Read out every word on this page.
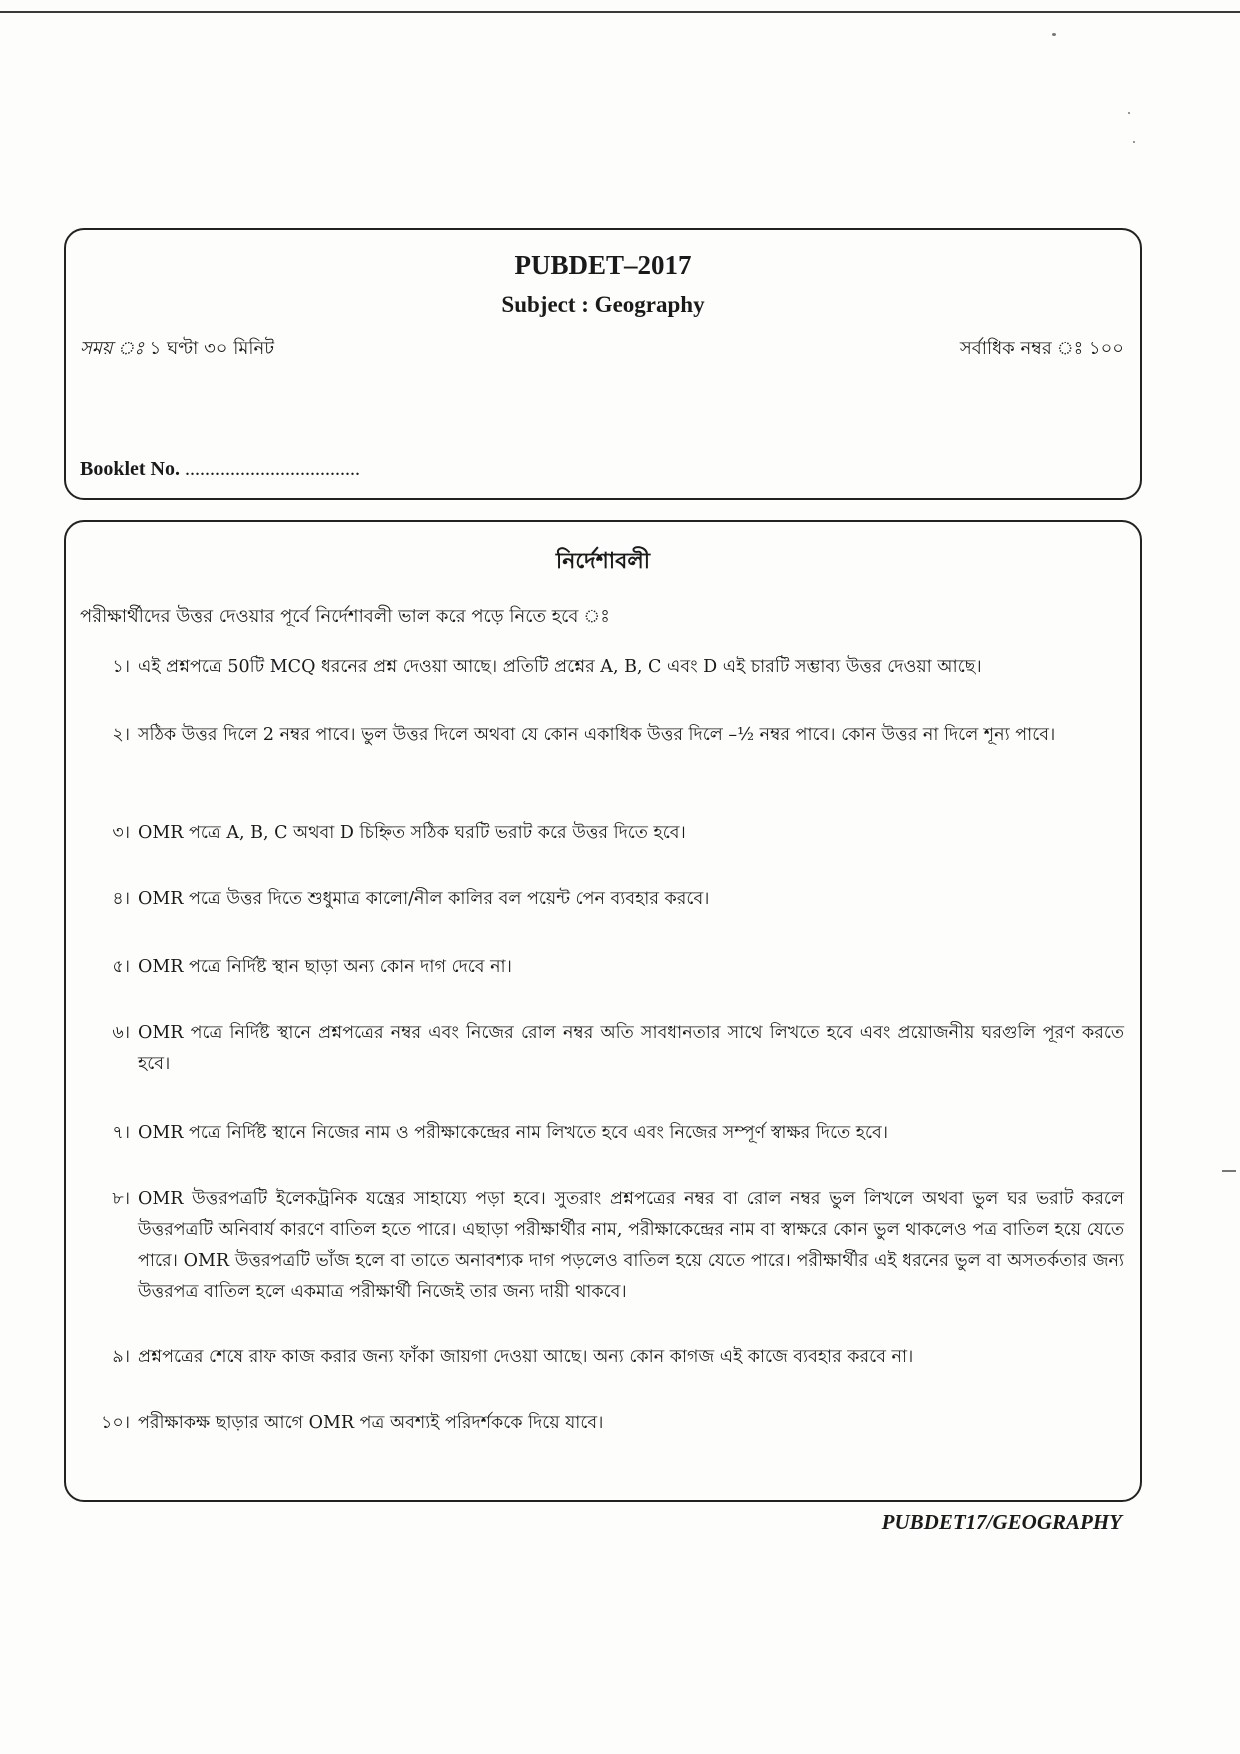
PUBDET–2017
Subject : Geography
সময় ঃ ১ ঘণ্টা ৩০ মিনিট	সর্বাধিক নম্বর ঃ ১০০
Booklet No. ...................................
নির্দেশাবলী
পরীক্ষার্থীদের উত্তর দেওয়ার পূর্বে নির্দেশাবলী ভাল করে পড়ে নিতে হবে ঃ
১। এই প্রশ্নপত্রে 50টি MCQ ধরনের প্রশ্ন দেওয়া আছে। প্রতিটি প্রশ্নের A, B, C এবং D এই চারটি সম্ভাব্য উত্তর দেওয়া আছে।
২। সঠিক উত্তর দিলে 2 নম্বর পাবে। ভুল উত্তর দিলে অথবা যে কোন একাধিক উত্তর দিলে –½ নম্বর পাবে। কোন উত্তর না দিলে শূন্য পাবে।
৩। OMR পত্রে A, B, C অথবা D চিহ্নিত সঠিক ঘরটি ভরাট করে উত্তর দিতে হবে।
৪। OMR পত্রে উত্তর দিতে শুধুমাত্র কালো/নীল কালির বল পয়েন্ট পেন ব্যবহার করবে।
৫। OMR পত্রে নির্দিষ্ট স্থান ছাড়া অন্য কোন দাগ দেবে না।
৬। OMR পত্রে নির্দিষ্ট স্থানে প্রশ্নপত্রের নম্বর এবং নিজের রোল নম্বর অতি সাবধানতার সাথে লিখতে হবে এবং প্রয়োজনীয় ঘরগুলি পূরণ করতে হবে।
৭। OMR পত্রে নির্দিষ্ট স্থানে নিজের নাম ও পরীক্ষাকেন্দ্রের নাম লিখতে হবে এবং নিজের সম্পূর্ণ স্বাক্ষর দিতে হবে।
৮। OMR উত্তরপত্রটি ইলেকট্রনিক যন্ত্রের সাহায্যে পড়া হবে। সুতরাং প্রশ্নপত্রের নম্বর বা রোল নম্বর ভুল লিখলে অথবা ভুল ঘর ভরাট করলে উত্তরপত্রটি অনিবার্য কারণে বাতিল হতে পারে। এছাড়া পরীক্ষার্থীর নাম, পরীক্ষাকেন্দ্রের নাম বা স্বাক্ষরে কোন ভুল থাকলেও পত্র বাতিল হয়ে যেতে পারে। OMR উত্তরপত্রটি ভাঁজ হলে বা তাতে অনাবশ্যক দাগ পড়লেও বাতিল হয়ে যেতে পারে। পরীক্ষার্থীর এই ধরনের ভুল বা অসতর্কতার জন্য উত্তরপত্র বাতিল হলে একমাত্র পরীক্ষার্থী নিজেই তার জন্য দায়ী থাকবে।
৯। প্রশ্নপত্রের শেষে রাফ কাজ করার জন্য ফাঁকা জায়গা দেওয়া আছে। অন্য কোন কাগজ এই কাজে ব্যবহার করবে না।
১০। পরীক্ষাকক্ষ ছাড়ার আগে OMR পত্র অবশ্যই পরিদর্শককে দিয়ে যাবে।
PUBDET17/GEOGRAPHY
